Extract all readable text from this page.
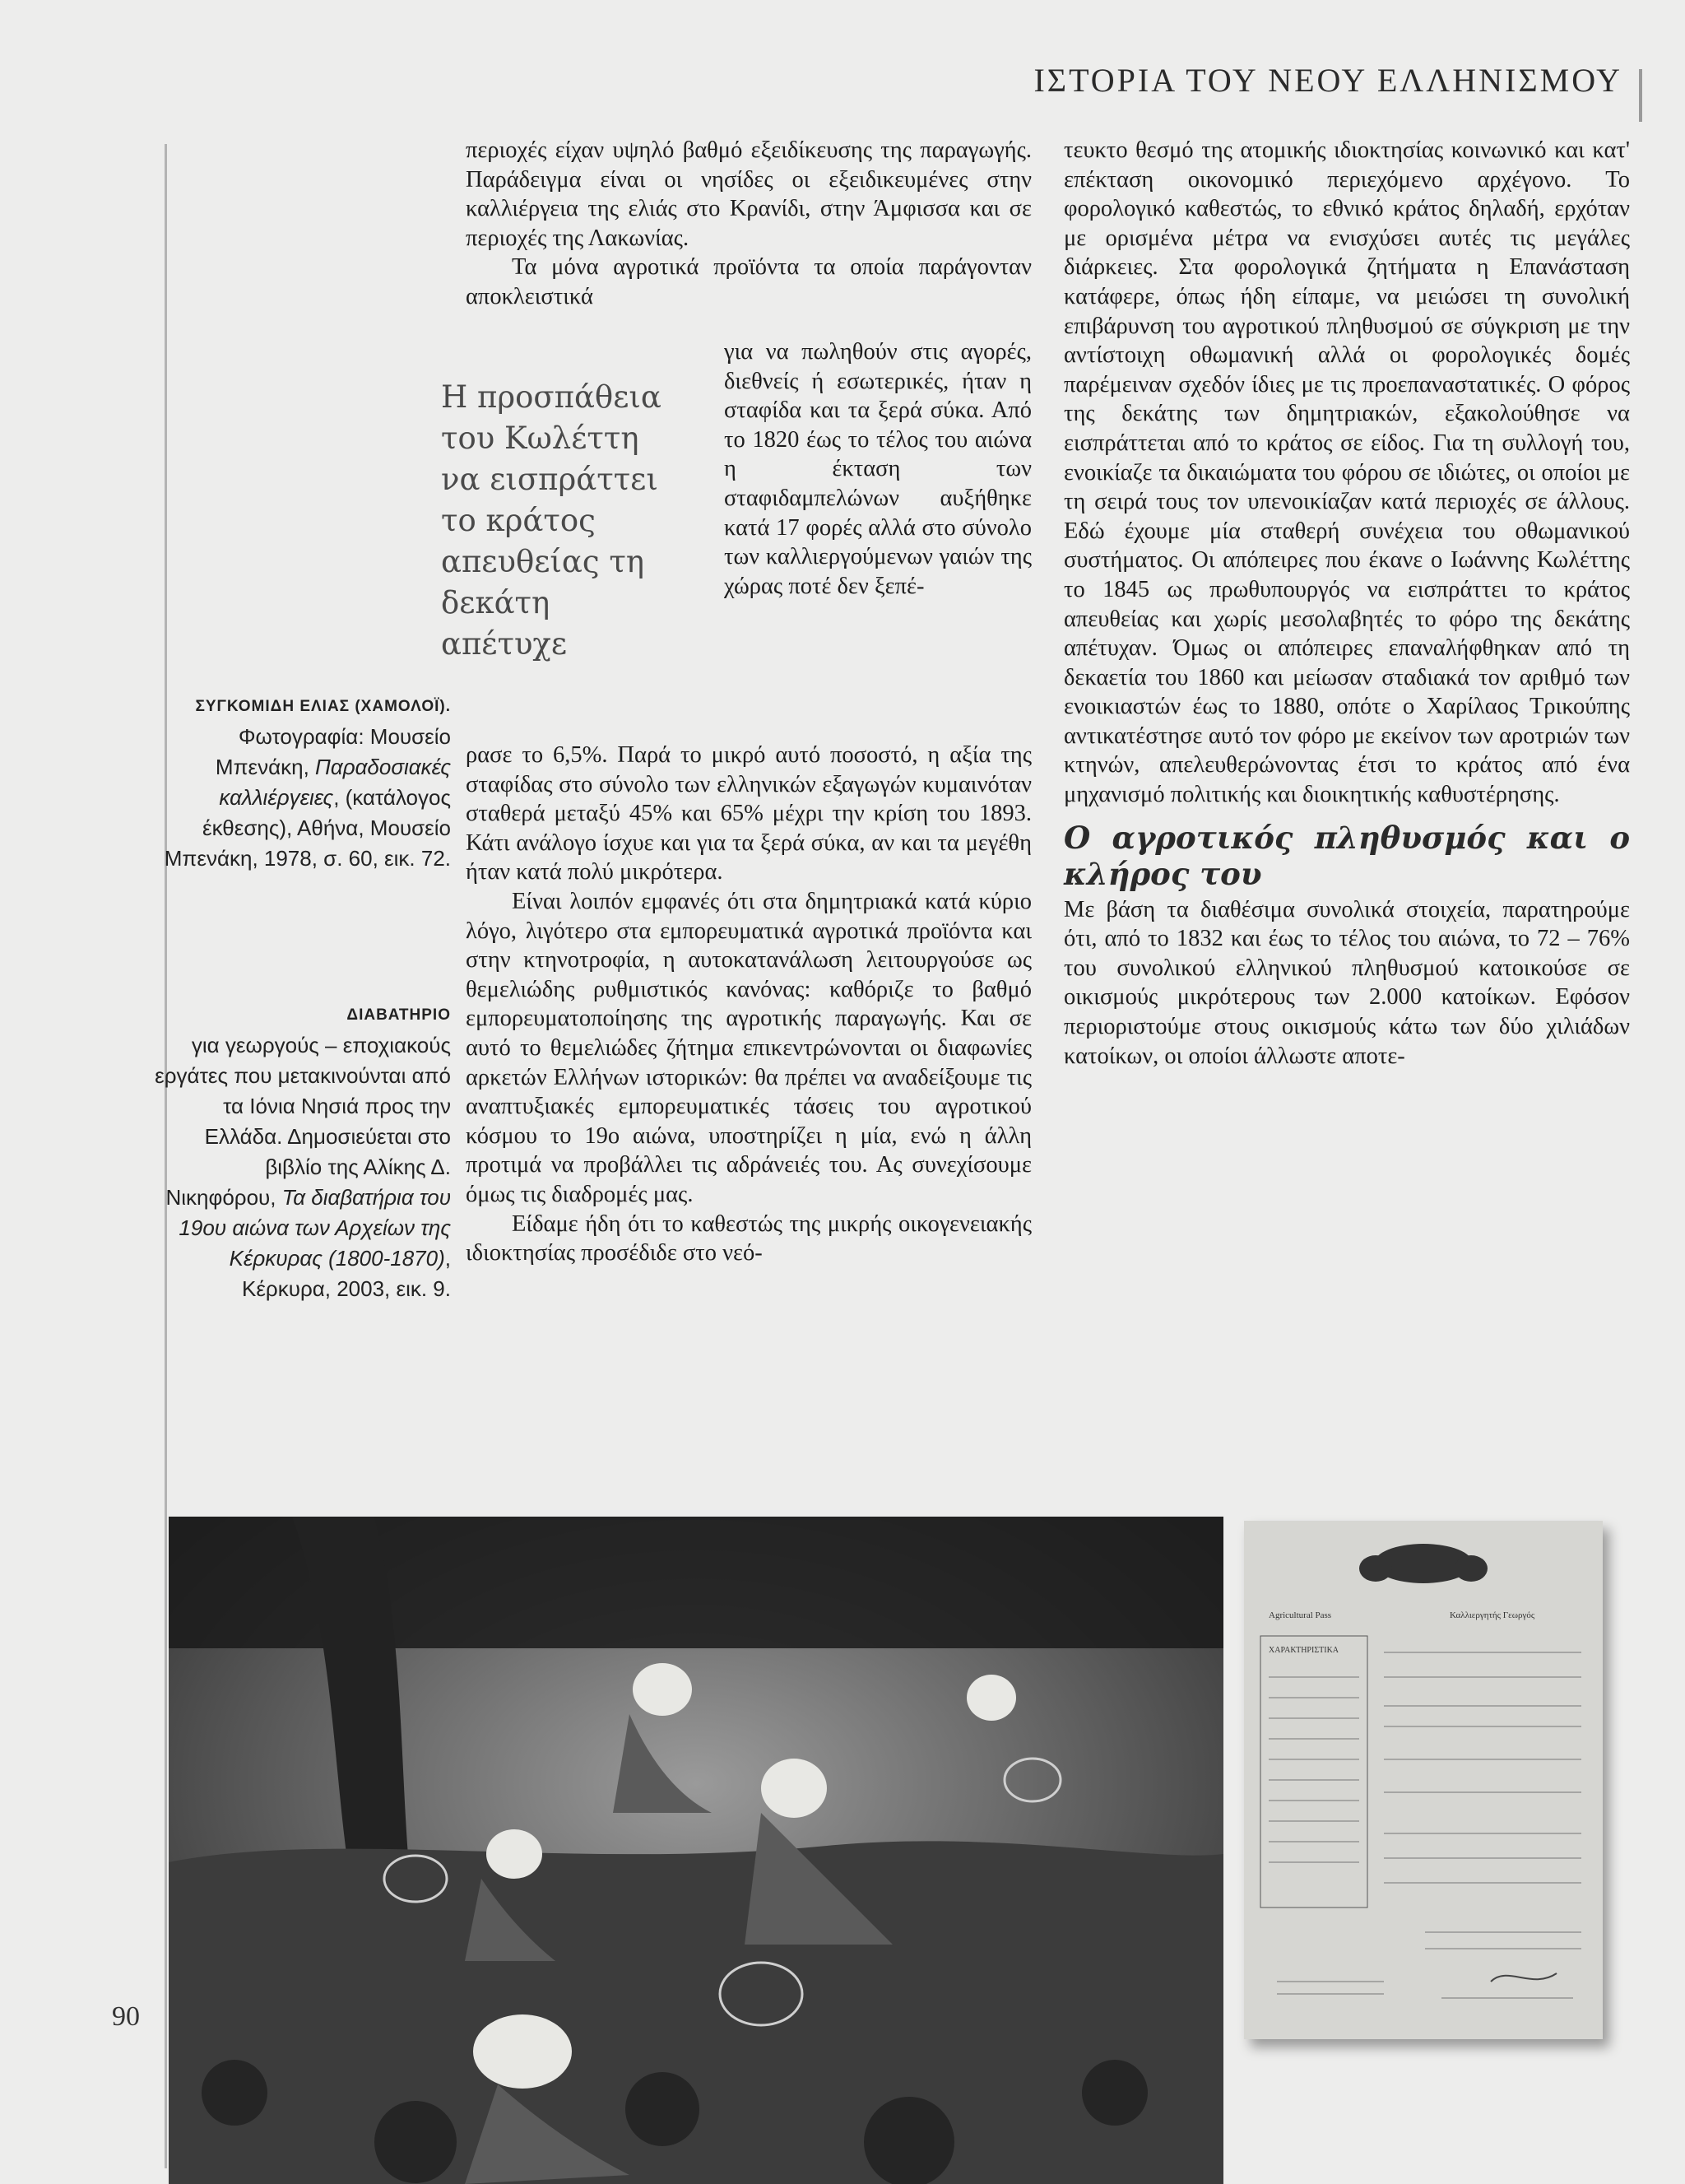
ΙΣΤΟΡΙΑ ΤΟΥ ΝΕΟΥ ΕΛΛΗΝΙΣΜΟΥ
90
ΣΥΓΚΟΜΙΔΗ ΕΛΙΑΣ (ΧΑΜΟΛΟΪ).
Φωτογραφία: Μουσείο Μπενάκη, Παραδοσιακές καλλιέργειες, (κατάλογος έκθεσης), Αθήνα, Μουσείο Μπενάκη, 1978, σ. 60, εικ. 72.
ΔΙΑΒΑΤΗΡΙΟ
για γεωργούς – εποχιακούς εργάτες που μετακινούνται από τα Ιόνια Νησιά προς την Ελλάδα. Δημοσιεύεται στο βιβλίο της Αλίκης Δ. Νικηφόρου, Τα διαβατήρια του 19ου αιώνα των Αρχείων της Κέρκυρας (1800-1870), Κέρκυρα, 2003, εικ. 9.

περιοχές είχαν υψηλό βαθμό εξειδίκευσης της παραγωγής. Παράδειγμα είναι οι νησίδες οι εξειδικευμένες στην καλλιέργεια της ελιάς στο Κρανίδι, στην Άμφισσα και σε περιοχές της Λακωνίας.

Τα μόνα αγροτικά προϊόντα τα οποία παράγονταν αποκλειστικά

Η προσπάθεια του Κωλέττη να εισπράττει το κράτος απευθείας τη δεκάτη απέτυχε

για να πωληθούν στις αγορές, διεθνείς ή εσωτερικές, ήταν η σταφίδα και τα ξερά σύκα. Από το 1820 έως το τέλος του αιώνα η έκταση των σταφιδαμπελώνων αυξήθηκε κατά 17 φορές αλλά στο σύνολο των καλλιεργούμενων γαιών της χώρας ποτέ δεν ξεπέ-

ρασε το 6,5%. Παρά το μικρό αυτό ποσοστό, η αξία της σταφίδας στο σύνολο των ελληνικών εξαγωγών κυμαινόταν σταθερά μεταξύ 45% και 65% μέχρι την κρίση του 1893. Κάτι ανάλογο ίσχυε και για τα ξερά σύκα, αν και τα μεγέθη ήταν κατά πολύ μικρότερα.

Είναι λοιπόν εμφανές ότι στα δημητριακά κατά κύριο λόγο, λιγότερο στα εμπορευματικά αγροτικά προϊόντα και στην κτηνοτροφία, η αυτοκατανάλωση λειτουργούσε ως θεμελιώδης ρυθμιστικός κανόνας: καθόριζε το βαθμό εμπορευματοποίησης της αγροτικής παραγωγής. Και σε αυτό το θεμελιώδες ζήτημα επικεντρώνονται οι διαφωνίες αρκετών Ελλήνων ιστορικών: θα πρέπει να αναδείξουμε τις αναπτυξιακές εμπορευματικές τάσεις του αγροτικού κόσμου το 19ο αιώνα, υποστηρίζει η μία, ενώ η άλλη προτιμά να προβάλλει τις αδράνειές του. Ας συνεχίσουμε όμως τις διαδρομές μας.

Είδαμε ήδη ότι το καθεστώς της μικρής οικογενειακής ιδιοκτησίας προσέδιδε στο νεό-

τευκτο θεσμό της ατομικής ιδιοκτησίας κοινωνικό και κατ' επέκταση οικονομικό περιεχόμενο αρχέγονο. Το φορολογικό καθεστώς, το εθνικό κράτος δηλαδή, ερχόταν με ορισμένα μέτρα να ενισχύσει αυτές τις μεγάλες διάρκειες. Στα φορολογικά ζητήματα η Επανάσταση κατάφερε, όπως ήδη είπαμε, να μειώσει τη συνολική επιβάρυνση του αγροτικού πληθυσμού σε σύγκριση με την αντίστοιχη οθωμανική αλλά οι φορολογικές δομές παρέμειναν σχεδόν ίδιες με τις προεπαναστατικές. Ο φόρος της δεκάτης των δημητριακών, εξακολούθησε να εισπράττεται από το κράτος σε είδος. Για τη συλλογή του, ενοικίαζε τα δικαιώματα του φόρου σε ιδιώτες, οι οποίοι με τη σειρά τους τον υπενοικίαζαν κατά περιοχές σε άλλους. Εδώ έχουμε μία σταθερή συνέχεια του οθωμανικού συστήματος. Οι απόπειρες που έκανε ο Ιωάννης Κωλέττης το 1845 ως πρωθυπουργός να εισπράττει το κράτος απευθείας και χωρίς μεσολαβητές το φόρο της δεκάτης απέτυχαν. Όμως οι απόπειρες επαναλήφθηκαν από τη δεκαετία του 1860 και μείωσαν σταδιακά τον αριθμό των ενοικιαστών έως το 1880, οπότε ο Χαρίλαος Τρικούπης αντικατέστησε αυτό τον φόρο με εκείνον των αροτριών των κτηνών, απελευθερώνοντας έτσι το κράτος από ένα μηχανισμό πολιτικής και διοικητικής καθυστέρησης.

Ο αγροτικός πληθυσμός και ο κλήρος του

Με βάση τα διαθέσιμα συνολικά στοιχεία, παρατηρούμε ότι, από το 1832 και έως το τέλος του αιώνα, το 72 – 76% του συνολικού ελληνικού πληθυσμού κατοικούσε σε οικισμούς μικρότερους των 2.000 κατοίκων. Εφόσον περιοριστούμε στους οικισμούς κάτω των δύο χιλιάδων κατοίκων, οι οποίοι άλλωστε αποτε-

Agricultural Pass	Καλλιεργητής Γεωργός
ΧΑΡΑΚΤΗΡΙΣΤΙΚΑ
